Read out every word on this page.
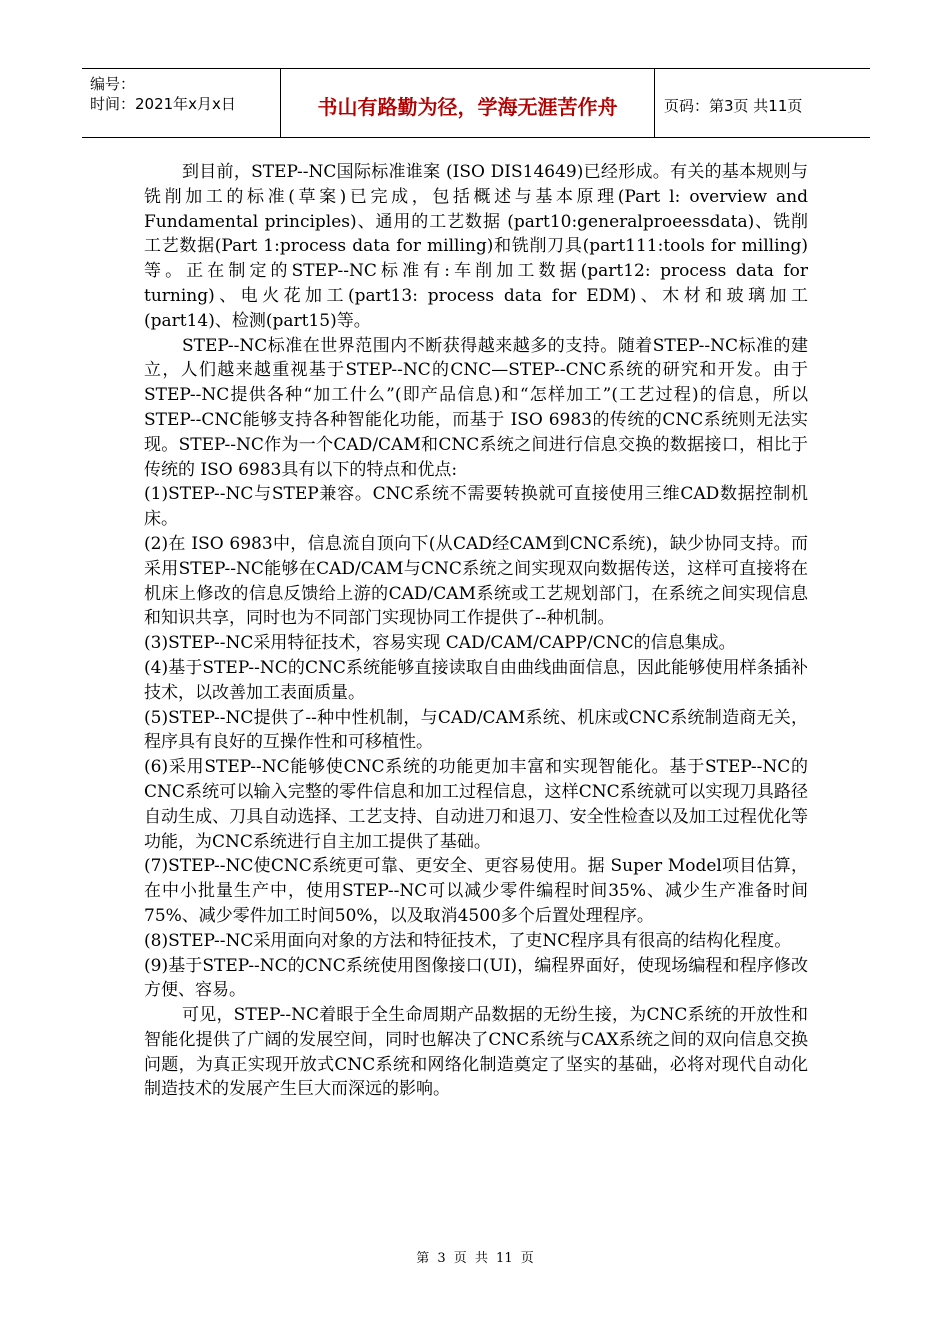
编号：
时间：2021年x月x日	书山有路勤为径，学海无涯苦作舟	页码：第3页 共11页

到目前，STEP--NC国际标准谁案 (ISO DIS14649)已经形成。有关的基本规则与铣削加工的标准(草案)已完成，包括概述与基本原理(Part l: overview and Fundamental principles)、通用的工艺数据 (part10:generalproeessdata)、铣削工艺数据(Part 1:process data for milling)和铣削刀具(part111:tools for milling) 等。正在制定的STEP--NC标准有:车削加工数据(part12: process data for turning)、电火花加工(part13: process data for EDM)、木材和玻璃加工 (part14)、检测(part15)等。

STEP--NC标准在世界范围内不断获得越来越多的支持。随着STEP--NC标准的建立，人们越来越重视基于STEP--NC的CNC—STEP--CNC系统的研究和开发。由于STEP--NC提供各种“加工什么”(即产品信息)和“怎样加工”(工艺过程)的信息，所以STEP--CNC能够支持各种智能化功能，而基于 ISO 6983的传统的CNC系统则无法实现。STEP--NC作为一个CAD/CAM和CNC系统之间进行信息交换的数据接口，相比于传统的 ISO 6983具有以下的特点和优点:

(1)STEP--NC与STEP兼容。CNC系统不需要转换就可直接使用三维CAD数据控制机床。

(2)在 ISO 6983中，信息流自顶向下(从CAD经CAM到CNC系统)，缺少协同支持。而采用STEP--NC能够在CAD/CAM与CNC系统之间实现双向数据传送，这样可直接将在机床上修改的信息反馈给上游的CAD/CAM系统或工艺规划部门，在系统之间实现信息和知识共享，同时也为不同部门实现协同工作提供了--种机制。

(3)STEP--NC采用特征技术，容易实现 CAD/CAM/CAPP/CNC的信息集成。

(4)基于STEP--NC的CNC系统能够直接读取自由曲线曲面信息，因此能够使用样条插补技术，以改善加工表面质量。

(5)STEP--NC提供了--种中性机制，与CAD/CAM系统、机床或CNC系统制造商无关，程序具有良好的互操作性和可移植性。

(6)采用STEP--NC能够使CNC系统的功能更加丰富和实现智能化。基于STEP--NC的CNC系统可以输入完整的零件信息和加工过程信息，这样CNC系统就可以实现刀具路径自动生成、刀具自动选择、工艺支持、自动进刀和退刀、安全性检查以及加工过程优化等功能，为CNC系统进行自主加工提供了基础。

(7)STEP--NC使CNC系统更可靠、更安全、更容易使用。据 Super Model项目估算，在中小批量生产中，使用STEP--NC可以减少零件编程时间35%、减少生产准备时间75%、减少零件加工时间50%，以及取消4500多个后置处理程序。

(8)STEP--NC采用面向对象的方法和特征技术，了吏NC程序具有很高的结构化程度。

(9)基于STEP--NC的CNC系统使用图像接口(UI)，编程界面好，使现场编程和程序修改方便、容易。

可见，STEP--NC着眼于全生命周期产品数据的无纷生接，为CNC系统的开放性和智能化提供了广阔的发展空间，同时也解决了CNC系统与CAX系统之间的双向信息交换问题，为真正实现开放式CNC系统和网络化制造奠定了坚实的基础，必将对现代自动化制造技术的发展产生巨大而深远的影响。

第 3 页 共 11 页
